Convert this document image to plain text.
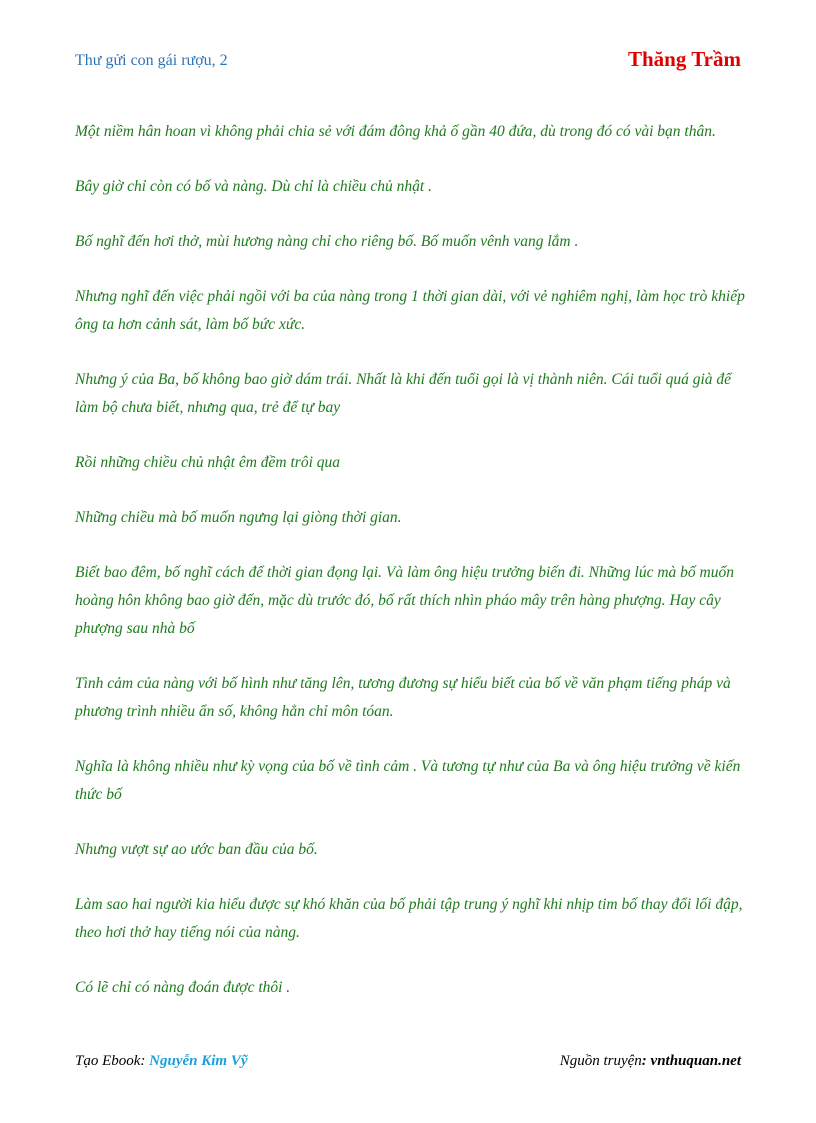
Thư gửi con gái rượu, 2	Thăng Trầm

Một niềm hân hoan vì không phải chia sẻ với đám đông khả ố gần 40 đứa, dù trong đó có vài bạn thân.

Bây giờ chỉ còn có bố và nàng. Dù chỉ là chiều chủ nhật .

Bố nghĩ đến hơi thở, mùi hương nàng chỉ cho riêng bố. Bố muốn vênh vang lắm .

Nhưng nghĩ đến việc phải ngồi với ba của nàng trong 1 thời gian dài, với vẻ nghiêm nghị, làm học trò khiếp ông ta hơn cảnh sát, làm bố bức xức.

Nhưng ý của Ba, bố không bao giờ dám trái. Nhất là khi đến tuổi gọi là vị thành niên. Cái tuổi quá già để làm bộ chưa biết, nhưng qua, trẻ để tự bay

Rồi những chiều chủ nhật êm đềm trôi qua

Những chiều mà bố muốn ngưng lại giòng thời gian.

Biết bao đêm, bố nghĩ cách để thời gian đọng lại. Và làm ông hiệu trưởng biến đi. Những lúc mà bố muốn hoàng hôn không bao giờ đến, mặc dù trước đó, bố rất thích nhìn pháo mây trên hàng phượng. Hay cây phượng sau nhà bố

Tình cảm của nàng với bố hình như tăng lên, tương đương sự hiểu biết của bố về văn phạm tiếng pháp và phương trình nhiều ẩn số, không hẳn chỉ môn tóan.

Nghĩa là không nhiều như kỳ vọng của bố về tình cảm . Và tương tự như của Ba và ông hiệu trưởng về kiến thức bố

Nhưng vượt sự ao ước ban đầu của bố.

Làm sao hai người kia hiểu được sự khó khăn của bố phải tập trung ý nghĩ khi nhịp tim bố thay đổi lối đập, theo hơi thở hay tiếng nói của nàng.

Có lẽ chỉ có nàng đoán được thôi .

Tạo Ebook: Nguyễn Kim Vỹ	Nguồn truyện: vnthuquan.net
